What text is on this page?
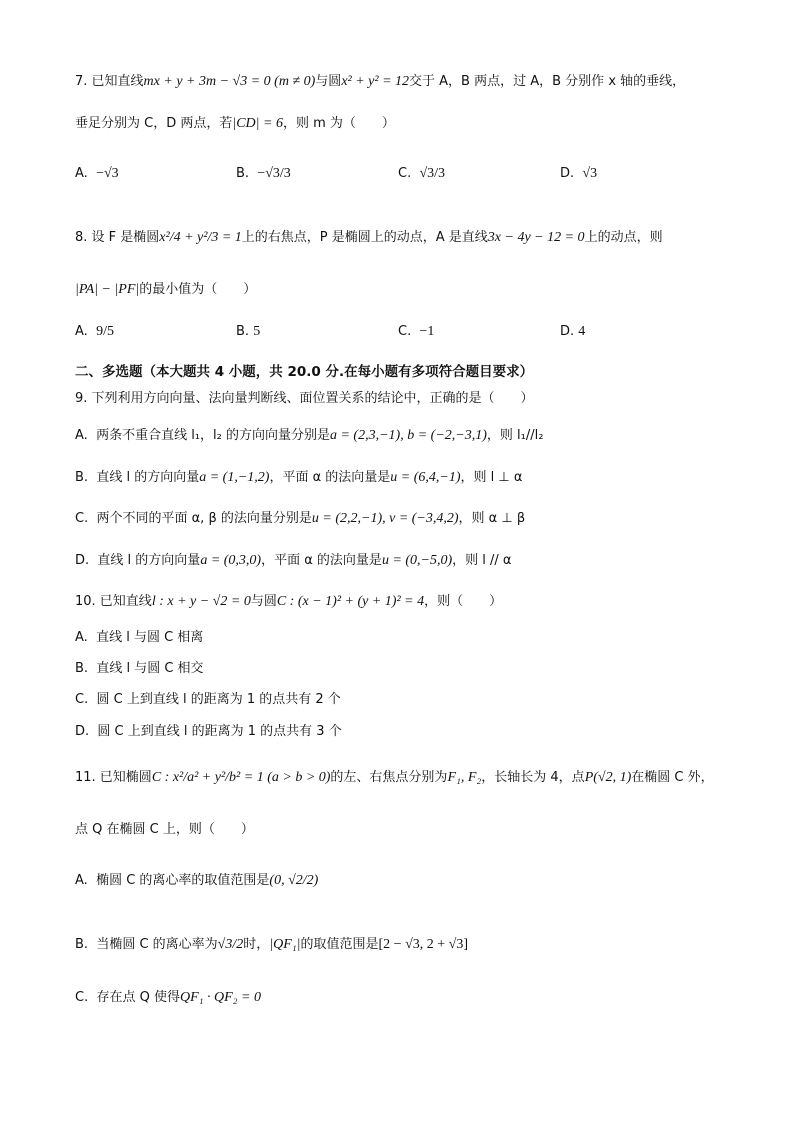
7. 已知直线mx + y + 3m − √3 = 0 (m ≠ 0)与圆x² + y² = 12交于 A，B 两点，过 A，B 分别作 x 轴的垂线，
垂足分别为 C，D 两点，若|CD| = 6，则 m 为（　　）
A. −√3	B. −√3/3	C. √3/3	D. √3
8. 设 F 是椭圆x²/4 + y²/3 = 1上的右焦点，P 是椭圆上的动点，A 是直线3x − 4y − 12 = 0上的动点，则
|PA| − |PF|的最小值为（　　）
A. 9/5	B. 5	C. −1	D. 4
二、多选题（本大题共 4 小题，共 20.0 分.在每小题有多项符合题目要求）
9. 下列利用方向向量、法向量判断线、面位置关系的结论中，正确的是（　　）
A. 两条不重合直线 l₁，l₂ 的方向向量分别是a = (2,3,−1), b = (−2,−3,1)，则 l₁//l₂
B. 直线 l 的方向向量a = (1,−1,2)，平面 α 的法向量是u = (6,4,−1)，则 l ⊥ α
C. 两个不同的平面 α, β 的法向量分别是u = (2,2,−1), v = (−3,4,2)，则 α ⊥ β
D. 直线 l 的方向向量a = (0,3,0)，平面 α 的法向量是u = (0,−5,0)，则 l // α
10. 已知直线l : x + y − √2 = 0与圆C : (x − 1)² + (y + 1)² = 4，则（　　）
A. 直线 l 与圆 C 相离
B. 直线 l 与圆 C 相交
C. 圆 C 上到直线 l 的距离为 1 的点共有 2 个
D. 圆 C 上到直线 l 的距离为 1 的点共有 3 个
11. 已知椭圆C : x²/a² + y²/b² = 1 (a > b > 0)的左、右焦点分别为F₁, F₂，长轴长为 4，点P(√2, 1)在椭圆 C 外，
点 Q 在椭圆 C 上，则（　　）
A. 椭圆 C 的离心率的取值范围是(0, √2/2)
B. 当椭圆 C 的离心率为√3/2时，|QF₁|的取值范围是[2 − √3, 2 + √3]
C. 存在点 Q 使得QF₁ · QF₂ = 0
